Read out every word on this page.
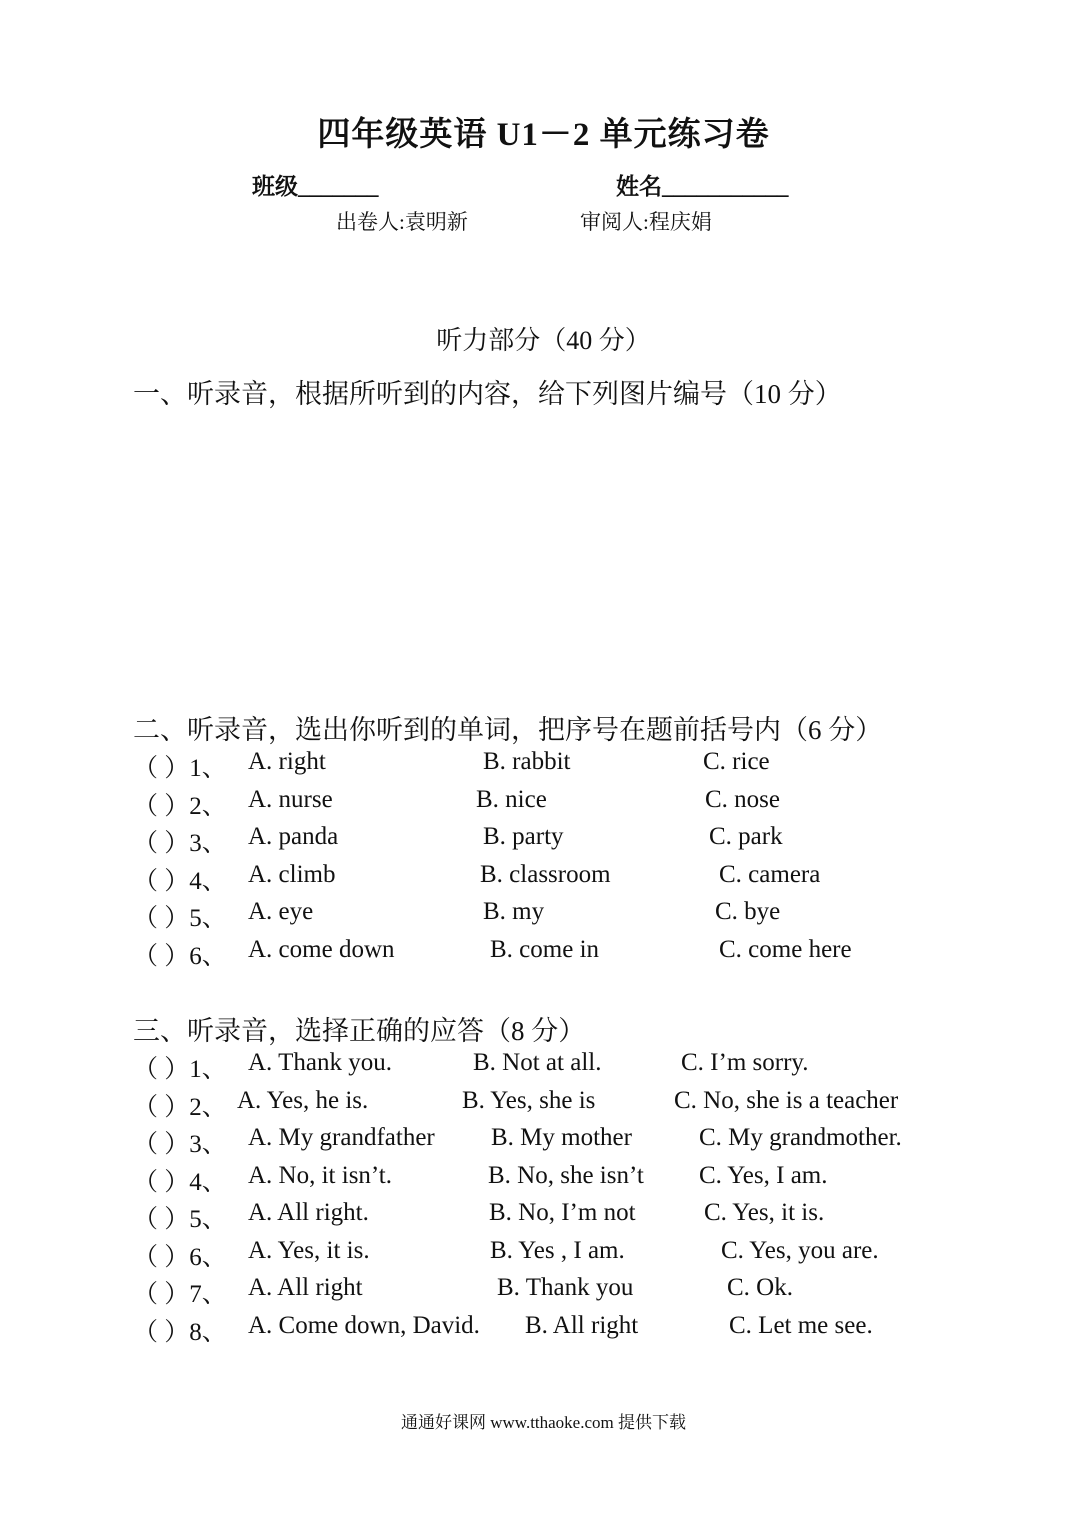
四年级英语 U1－2 单元练习卷
班级_______	姓名___________
出卷人:袁明新	审阅人:程庆娟
听力部分（40 分）
一、听录音，根据所听到的内容，给下列图片编号（10 分）
二、听录音，选出你听到的单词，把序号在题前括号内（6 分）
（ ）1、 A. right	B. rabbit	C. rice
（ ）2、 A. nurse	B. nice	C. nose
（ ）3、 A. panda	B. party	C. park
（ ）4、 A. climb	B. classroom	C. camera
（ ）5、 A. eye	B. my	C. bye
（ ）6、 A. come down	B. come in	C. come here
三、听录音，选择正确的应答（8 分）
（ ）1、 A. Thank you.	B. Not at all.	C. I’m sorry.
（ ）2、 A. Yes, he is.	B. Yes, she is	C. No, she is a teacher
（ ）3、 A. My grandfather B. My mother	C. My grandmother.
（ ）4、 A. No, it isn’t.	B. No, she isn’t C. Yes, I am.
（ ）5、 A. All right.	B. No, I’m not	C. Yes, it is.
（ ）6、 A. Yes, it is.	B. Yes , I am.	C. Yes, you are.
（ ）7、 A. All right	B. Thank you	C. Ok.
（ ）8、 A. Come down, David. B. All right	C. Let me see.
通通好课网 www.tthaoke.com 提供下载
